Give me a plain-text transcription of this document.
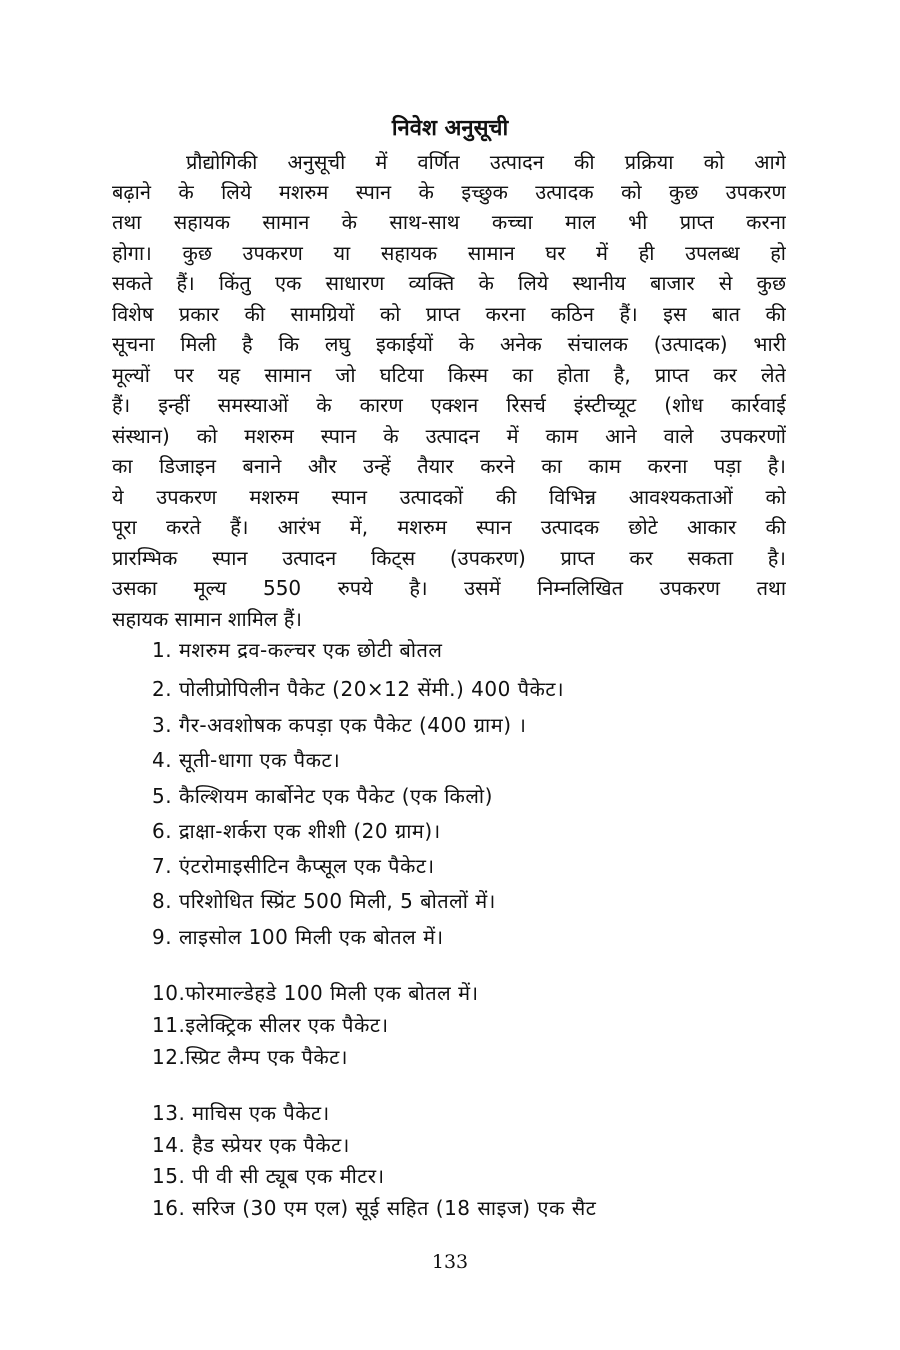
निवेश अनुसूची
प्रौद्योगिकी अनुसूची में वर्णित उत्पादन की प्रक्रिया को आगे
बढ़ाने के लिये मशरुम स्पान के इच्छुक उत्पादक को कुछ उपकरण
तथा सहायक सामान के साथ-साथ कच्चा माल भी प्राप्त करना
होगा। कुछ उपकरण या सहायक सामान घर में ही उपलब्ध हो
सकते हैं। किंतु एक साधारण व्यक्ति के लिये स्थानीय बाजार से कुछ
विशेष प्रकार की सामग्रियों को प्राप्त करना कठिन हैं। इस बात की
सूचना मिली है कि लघु इकाईयों के अनेक संचालक (उत्पादक) भारी
मूल्यों पर यह सामान जो घटिया किस्म का होता है, प्राप्त कर लेते
हैं। इन्हीं समस्याओं के कारण एक्शन रिसर्च इंस्टीच्यूट (शोध कार्रवाई
संस्थान) को मशरुम स्पान के उत्पादन में काम आने वाले उपकरणों
का डिजाइन बनाने और उन्हें तैयार करने का काम करना पड़ा है।
ये उपकरण मशरुम स्पान उत्पादकों की विभिन्न आवश्यकताओं को
पूरा करते हैं। आरंभ में, मशरुम स्पान उत्पादक छोटे आकार की
प्रारम्भिक स्पान उत्पादन किट्स (उपकरण) प्राप्त कर सकता है।
उसका मूल्य 550 रुपये है। उसमें निम्नलिखित उपकरण तथा
सहायक सामान शामिल हैं।
1. मशरुम द्रव-कल्चर एक छोटी बोतल
2. पोलीप्रोपिलीन पैकेट (20×12 सेंमी.) 400 पैकेट।
3. गैर-अवशोषक कपड़ा एक पैकेट (400 ग्राम) ।
4. सूती-धागा एक पैकट।
5. कैल्शियम कार्बोनेट एक पैकेट (एक किलो)
6. द्राक्षा-शर्करा एक शीशी (20 ग्राम)।
7. एंटरोमाइसीटिन कैप्सूल एक पैकेट।
8. परिशोधित स्प्रिंट 500 मिली, 5 बोतलों में।
9. लाइसोल 100 मिली एक बोतल में।
10.फोरमाल्डेहडे 100 मिली एक बोतल में।
11.इलेक्ट्रिक सीलर एक पैकेट।
12.स्प्रिट लैम्प एक पैकेट।
13. माचिस एक पैकेट।
14. हैड स्प्रेयर एक पैकेट।
15. पी वी सी ट्यूब एक मीटर।
16. सरिज (30 एम एल) सूई सहित (18 साइज) एक सैट
133
